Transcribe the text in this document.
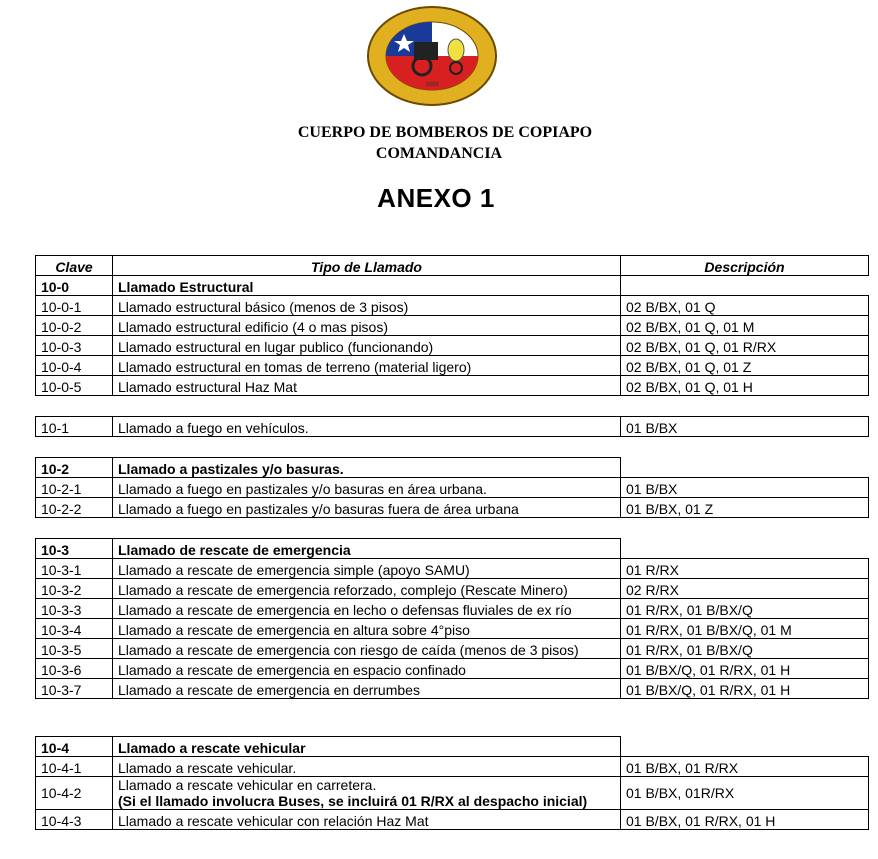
1888
CUERPO DE BOMBEROS DE COPIAPO
COMANDANCIA
ANEXO 1
Clave	Tipo de Llamado	Descripción
10-0	Llamado Estructural	
10-0-1	Llamado estructural básico (menos de 3 pisos)	02 B/BX, 01 Q
10-0-2	Llamado estructural edificio (4 o mas pisos)	02 B/BX, 01 Q, 01 M
10-0-3	Llamado estructural en lugar publico (funcionando)	02 B/BX, 01 Q, 01 R/RX
10-0-4	Llamado estructural en tomas de terreno (material ligero)	02 B/BX, 01 Q, 01 Z
10-0-5	Llamado estructural Haz Mat	02 B/BX, 01 Q, 01 H
10-1	Llamado a fuego en vehículos.	01 B/BX
10-2	Llamado a pastizales y/o basuras.	
10-2-1	Llamado a fuego en pastizales y/o basuras en área urbana.	01 B/BX
10-2-2	Llamado a fuego en pastizales y/o basuras fuera de área urbana	01 B/BX, 01 Z
10-3	Llamado de rescate de emergencia	
10-3-1	Llamado a rescate de emergencia simple (apoyo SAMU)	01 R/RX
10-3-2	Llamado a rescate de emergencia reforzado, complejo (Rescate Minero)	02 R/RX
10-3-3	Llamado a rescate de emergencia en lecho o defensas fluviales de ex río	01 R/RX, 01 B/BX/Q
10-3-4	Llamado a rescate de emergencia en altura sobre 4°piso	01 R/RX, 01 B/BX/Q, 01 M
10-3-5	Llamado a rescate de emergencia con riesgo de caída (menos de 3 pisos)	01 R/RX, 01 B/BX/Q
10-3-6	Llamado a rescate de emergencia en espacio confinado	01 B/BX/Q, 01 R/RX, 01 H
10-3-7	Llamado a rescate de emergencia en derrumbes	01 B/BX/Q, 01 R/RX, 01 H
10-4	Llamado a rescate vehicular	
10-4-1	Llamado a rescate vehicular.	01 B/BX, 01 R/RX
10-4-2	Llamado a rescate vehicular en carretera.
(Si el llamado involucra Buses, se incluirá 01 R/RX al despacho inicial)	01 B/BX, 01R/RX
10-4-3	Llamado a rescate vehicular con relación Haz Mat	01 B/BX, 01 R/RX, 01 H
